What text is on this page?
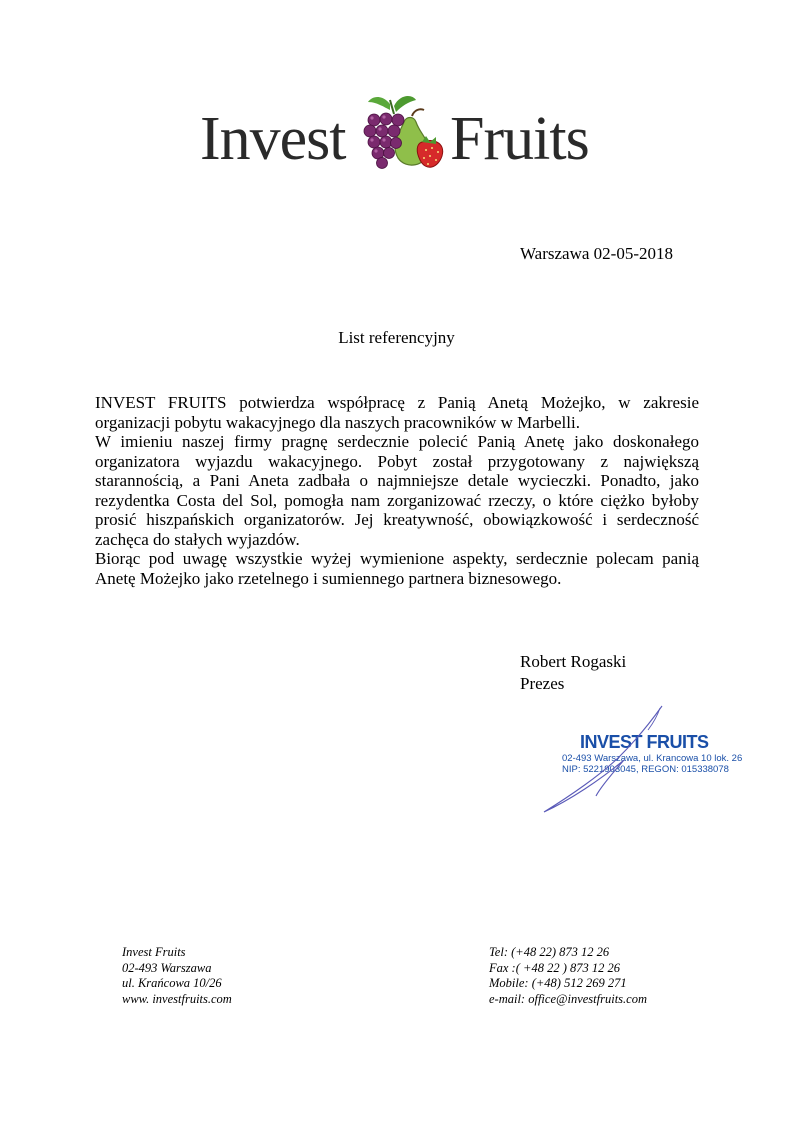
Invest Fruits
Warszawa 02-05-2018
List referencyjny

INVEST FRUITS potwierdza współpracę z Panią Anetą Możejko, w zakresie organizacji pobytu wakacyjnego dla naszych pracowników w Marbelli.

W imieniu naszej firmy pragnę serdecznie polecić Panią Anetę jako doskonałego organizatora wyjazdu wakacyjnego. Pobyt został przygotowany z największą starannością, a Pani Aneta zadbała o najmniejsze detale wycieczki. Ponadto, jako rezydentka Costa del Sol, pomogła nam zorganizować rzeczy, o które ciężko byłoby prosić hiszpańskich organizatorów. Jej kreatywność, obowiązkowość i serdeczność zachęca do stałych wyjazdów.

Biorąc pod uwagę wszystkie wyżej wymienione aspekty, serdecznie polecam panią Anetę Możejko jako rzetelnego i sumiennego partnera biznesowego.

Robert Rogaski
Prezes
INVEST FRUITS
02-493 Warszawa, ul. Krancowa 10 lok. 26
NIP: 5221903045, REGON: 015338078
Invest Fruits
02-493 Warszawa
ul. Krańcowa 10/26
www. investfruits.com
Tel: (+48 22) 873 12 26
Fax :( +48 22 ) 873 12 26
Mobile: (+48) 512 269 271
e-mail: office@investfruits.com
